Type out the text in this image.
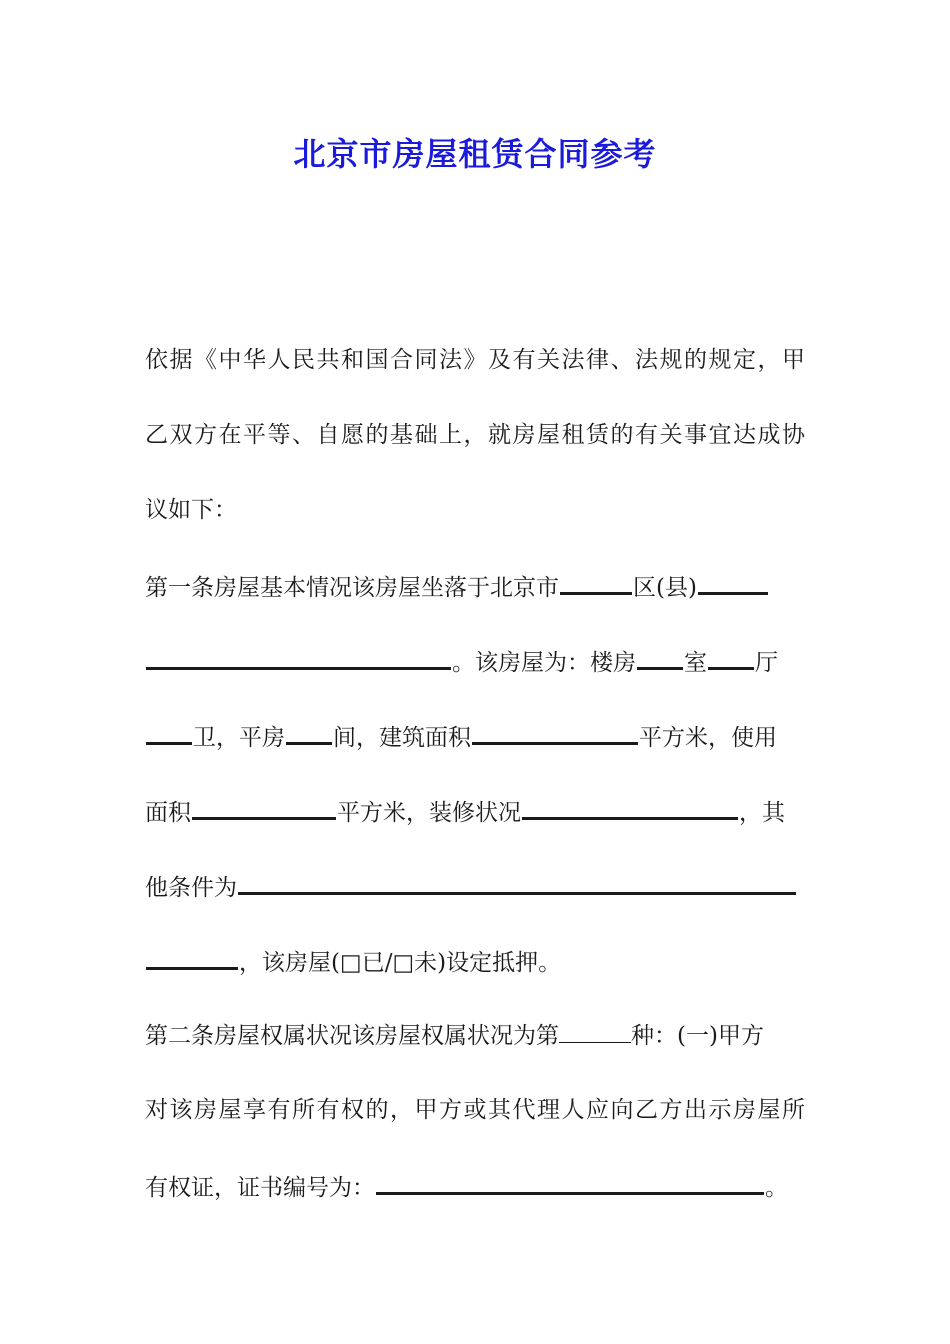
北京市房屋租赁合同参考
依据《中华人民共和国合同法》及有关法律、法规的规定，甲
乙双方在平等、自愿的基础上，就房屋租赁的有关事宜达成协
议如下：
第一条房屋基本情况该房屋坐落于北京市	区(县)
。该房屋为：楼房 室 厅
卫，平房 间，建筑面积	平方米，使用
面积	平方米，装修状况	，其
他条件为
，该房屋(□已/□未)设定抵押。
第二条房屋权属状况该房屋权属状况为第	种：(一)甲方
对该房屋享有所有权的，甲方或其代理人应向乙方出示房屋所
有权证，证书编号为：	。
